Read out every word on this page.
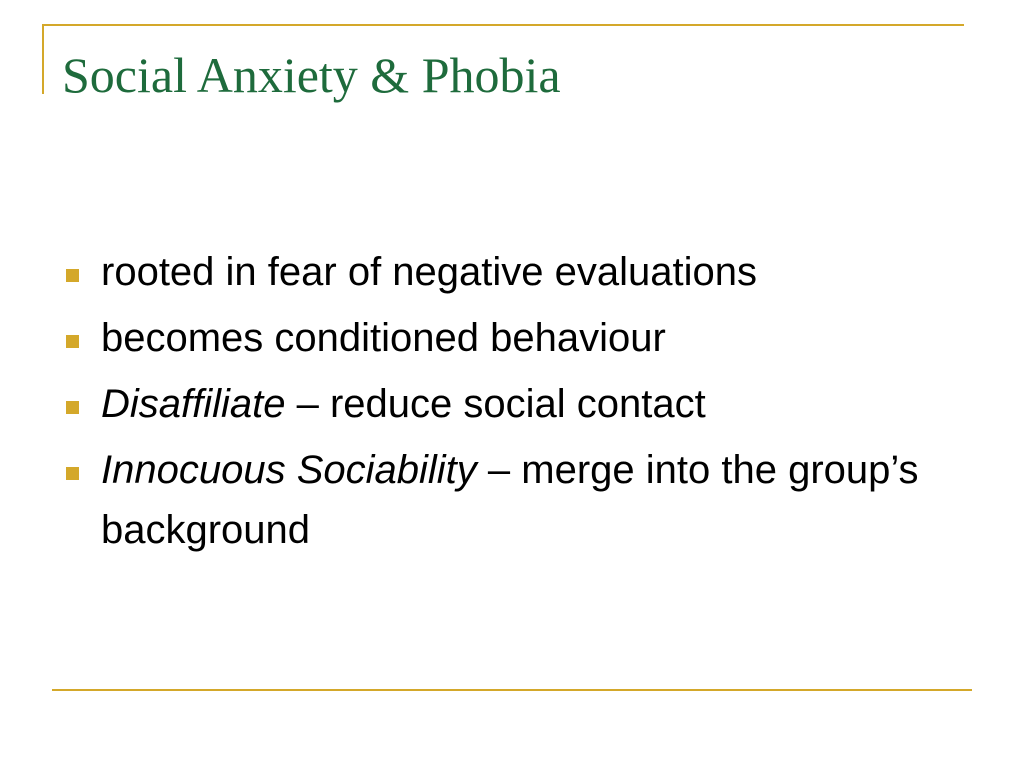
Social Anxiety & Phobia
rooted in fear of negative evaluations
becomes conditioned behaviour
Disaffiliate – reduce social contact
Innocuous Sociability – merge into the group’s background
